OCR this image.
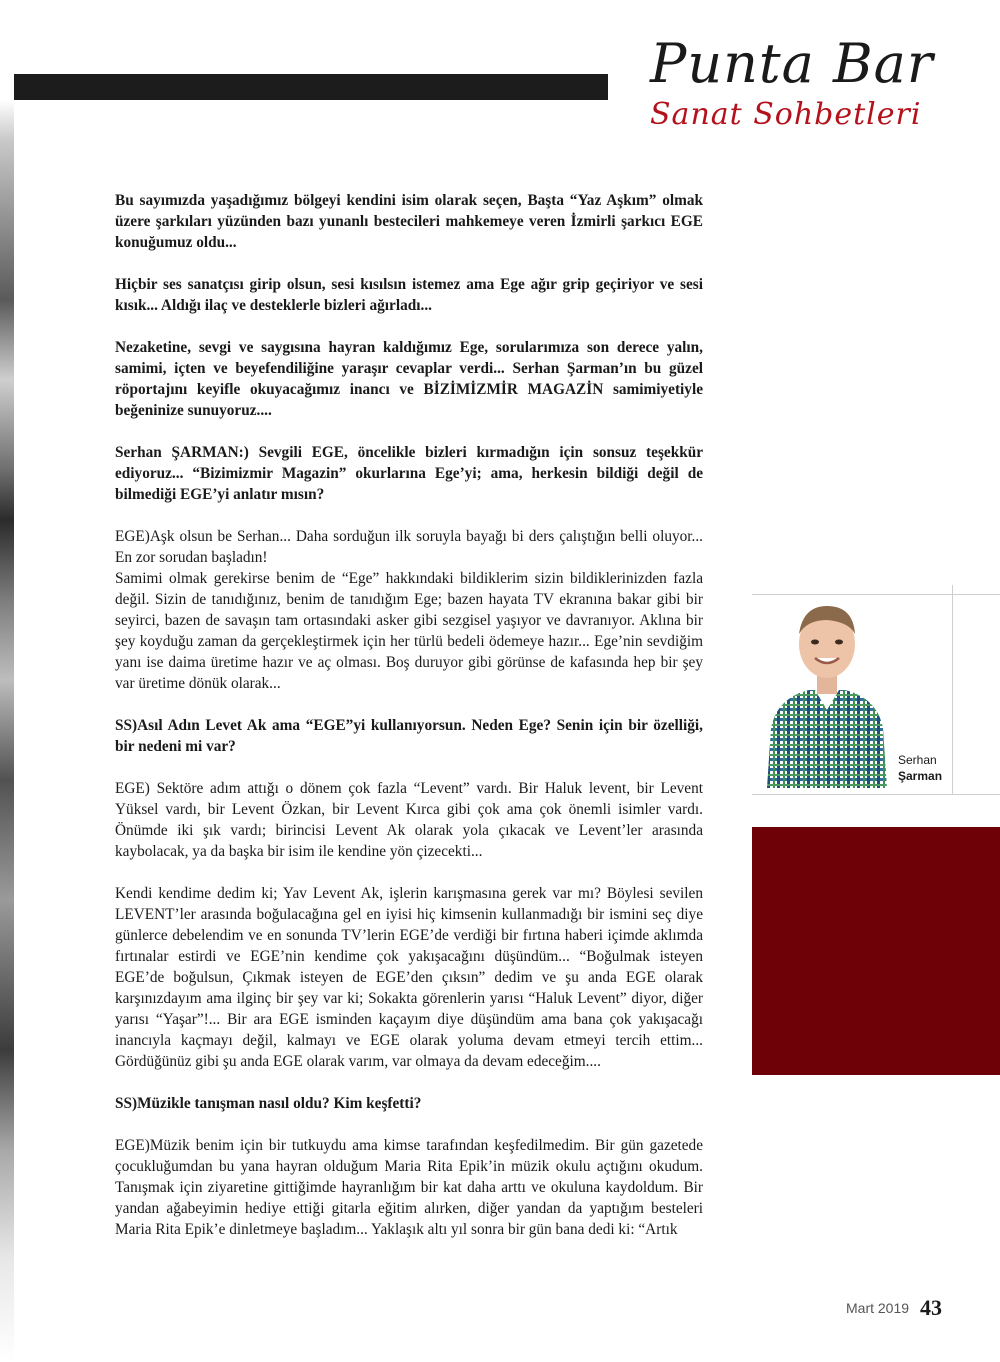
Punta Bar
Sanat Sohbetleri

Bu sayımızda yaşadığımız bölgeyi kendini isim olarak seçen, Başta “Yaz Aşkım” olmak üzere şarkıları yüzünden bazı yunanlı bestecileri mahkemeye veren İzmirli şarkıcı EGE konuğumuz oldu...

Hiçbir ses sanatçısı girip olsun, sesi kısılsın istemez ama Ege ağır grip geçiriyor ve sesi kısık... Aldığı ilaç ve desteklerle bizleri ağırladı...

Nezaketine, sevgi ve saygısına hayran kaldığımız Ege, sorularımıza son derece yalın, samimi, içten ve beyefendiliğine yaraşır cevaplar verdi... Serhan Şarman’ın bu güzel röportajını keyifle okuyacağımız inancı ve BİZİMİZMİR MAGAZİN samimiyetiyle beğeninize sunuyoruz....

Serhan ŞARMAN:) Sevgili EGE, öncelikle bizleri kırmadığın için sonsuz teşekkür ediyoruz... “Bizimizmir Magazin” okurlarına Ege’yi; ama, herkesin bildiği değil de bilmediği EGE’yi anlatır mısın?

EGE)Aşk olsun be Serhan... Daha sorduğun ilk soruyla bayağı bi ders çalıştığın belli oluyor... En zor sorudan başladın!

Samimi olmak gerekirse benim de “Ege” hakkındaki bildiklerim sizin bildiklerinizden fazla değil. Sizin de tanıdığınız, benim de tanıdığım Ege; bazen hayata TV ekranına bakar gibi bir seyirci, bazen de savaşın tam ortasındaki asker gibi sezgisel yaşıyor ve davranıyor. Aklına bir şey koyduğu zaman da gerçekleştirmek için her türlü bedeli ödemeye hazır... Ege’nin sevdiğim yanı ise daima üretime hazır ve aç olması. Boş duruyor gibi görünse de kafasında hep bir şey var üretime dönük olarak...

SS)Asıl Adın Levet Ak ama “EGE”yi kullanıyorsun. Neden Ege? Senin için bir özelliği, bir nedeni mi var?

EGE) Sektöre adım attığı o dönem çok fazla “Levent” vardı. Bir Haluk levent, bir Levent Yüksel vardı, bir Levent Özkan, bir Levent Kırca gibi çok ama çok önemli isimler vardı. Önümde iki şık vardı; birincisi Levent Ak olarak yola çıkacak ve Levent’ler arasında kaybolacak, ya da başka bir isim ile kendine yön çizecekti...

Kendi kendime dedim ki; Yav Levent Ak, işlerin karışmasına gerek var mı? Böylesi sevilen LEVENT’ler arasında boğulacağına gel en iyisi hiç kimsenin kullanmadığı bir ismini seç diye günlerce debelendim ve en sonunda TV’lerin EGE’de verdiği bir fırtına haberi içimde aklımda fırtınalar estirdi ve EGE’nin kendime çok yakışacağını düşündüm... “Boğulmak isteyen EGE’de boğulsun, Çıkmak isteyen de EGE’den çıksın” dedim ve şu anda EGE olarak karşınızdayım ama ilginç bir şey var ki; Sokakta görenlerin yarısı “Haluk Levent” diyor, diğer yarısı “Yaşar”!... Bir ara EGE isminden kaçayım diye düşündüm ama bana çok yakışacağı inancıyla kaçmayı değil, kalmayı ve EGE olarak yoluma devam etmeyi tercih ettim... Gördüğünüz gibi şu anda EGE olarak varım, var olmaya da devam edeceğim....

SS)Müzikle tanışman nasıl oldu? Kim keşfetti?

EGE)Müzik benim için bir tutkuydu ama kimse tarafından keşfedilmedim. Bir gün gazetede çocukluğumdan bu yana hayran olduğum Maria Rita Epik’in müzik okulu açtığını okudum. Tanışmak için ziyaretine gittiğimde hayranlığım bir kat daha arttı ve okuluna kaydoldum. Bir yandan ağabeyimin hediye ettiği gitarla eğitim alırken, diğer yandan da yaptığım besteleri Maria Rita Epik’e dinletmeye başladım... Yaklaşık altı yıl sonra bir gün bana dedi ki: “Artık

Serhan
Şarman
Mart 2019 43
